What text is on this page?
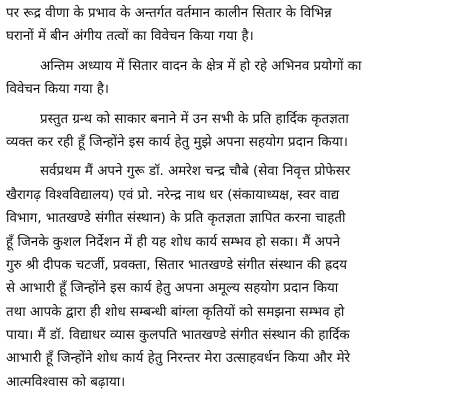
पर रूद्र वीणा के प्रभाव के अन्तर्गत वर्तमान कालीन सितार के विभिन्न
घरानों में बीन अंगीय तत्वों का विवेचन किया गया है।
अन्तिम अध्याय में सितार वादन के क्षेत्र में हो रहे अभिनव प्रयोगों का
विवेचन किया गया है।
प्रस्तुत ग्रन्थ को साकार बनाने में उन सभी के प्रति हार्दिक कृतज्ञता
व्यक्त कर रही हूँ जिन्होंने इस कार्य हेतु मुझे अपना सहयोग प्रदान किया।
सर्वप्रथम मैं अपने गुरू डॉ. अमरेश चन्द्र चौबे (सेवा निवृत्त प्रोफेसर
खैरागढ़ विश्वविद्यालय) एवं प्रो. नरेन्द्र नाथ धर (संकायाध्यक्ष, स्वर वाद्य
विभाग, भातखण्डे संगीत संस्थान) के प्रति कृतज्ञता ज्ञापित करना चाहती
हूँ जिनके कुशल निर्देशन में ही यह शोध कार्य सम्भव हो सका। मैं अपने
गुरु श्री दीपक चटर्जी, प्रवक्ता, सितार भातखण्डे संगीत संस्थान की ह्रदय
से आभारी हूँ जिन्होंने इस कार्य हेतु अपना अमूल्य सहयोग प्रदान किया
तथा आपके द्वारा ही शोध सम्बन्धी बांग्ला कृतियों को समझना सम्भव हो
पाया। मैं डॉ. विद्याधर व्यास कुलपति भातखण्डे संगीत संस्थान की हार्दिक
आभारी हूँ जिन्होंने शोध कार्य हेतु निरन्तर मेरा उत्साहवर्धन किया और मेरे
आत्मविश्वास को बढ़ाया।
